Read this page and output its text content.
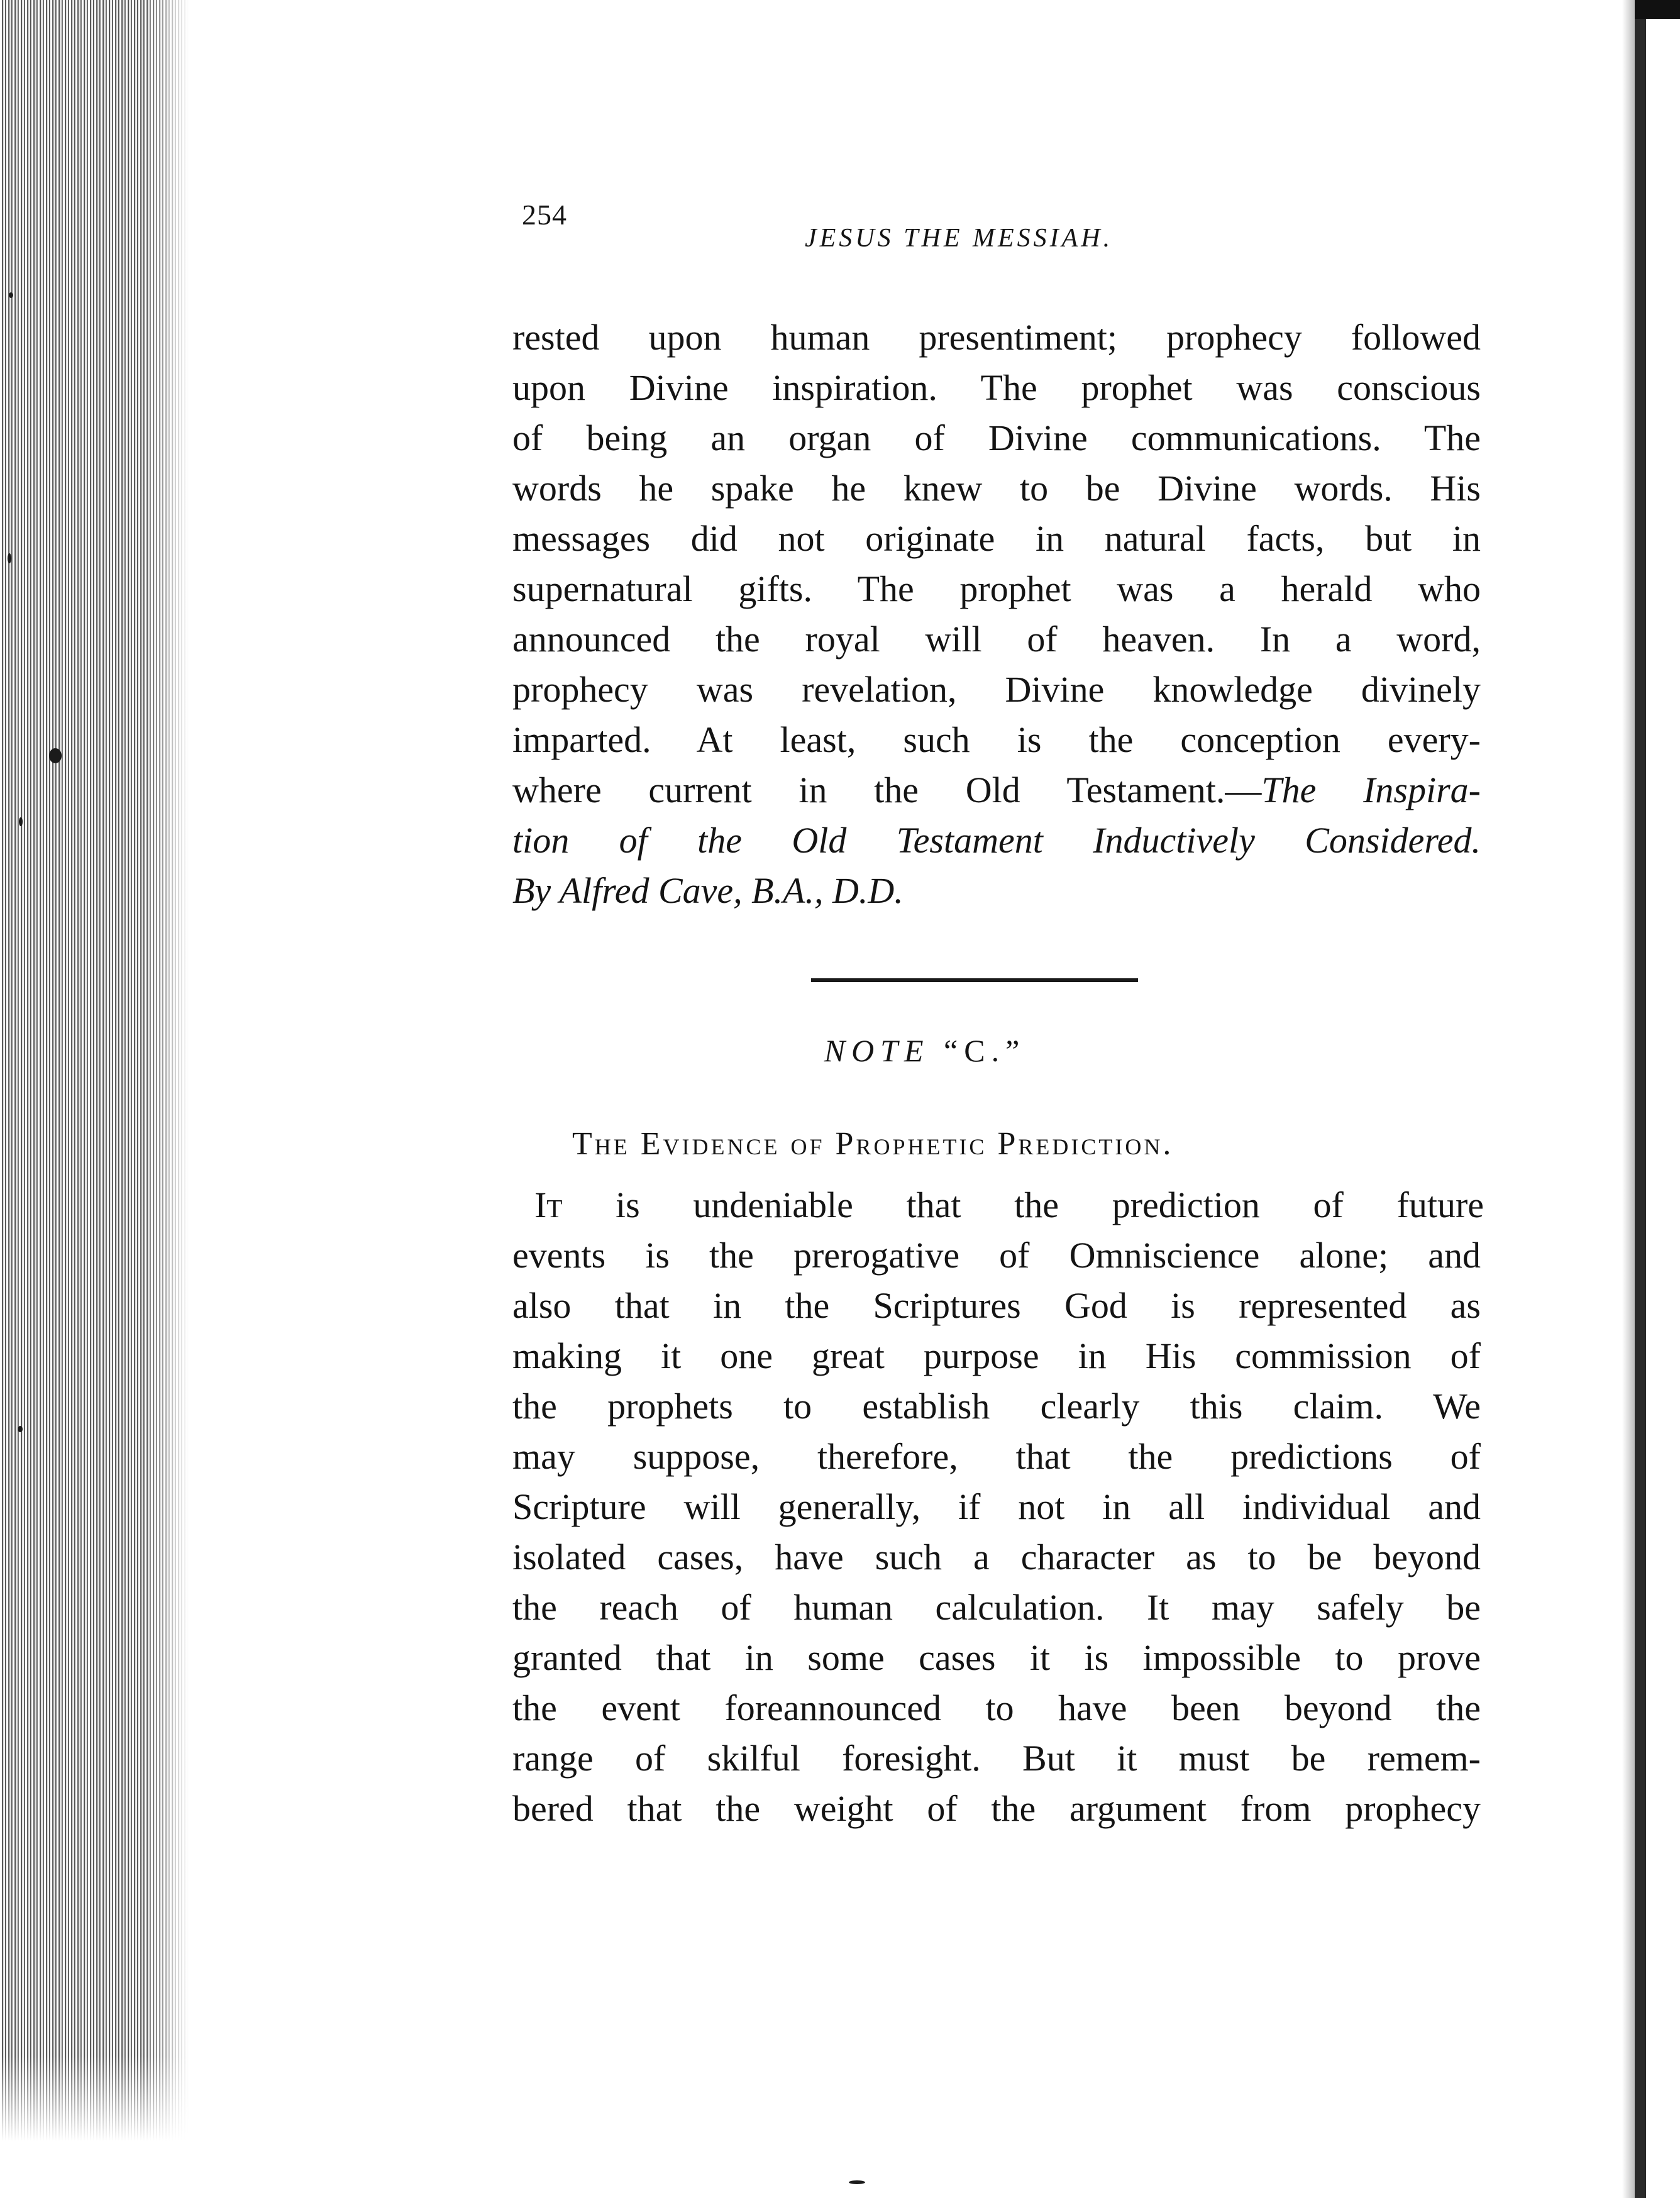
254
JESUS THE MESSIAH.
rested upon human presentiment; prophecy followed
upon Divine inspiration. The prophet was conscious
of being an organ of Divine communications. The
words he spake he knew to be Divine words. His
messages did not originate in natural facts, but in
supernatural gifts. The prophet was a herald who
announced the royal will of heaven. In a word,
prophecy was revelation, Divine knowledge divinely
imparted. At least, such is the conception every-
where current in the Old Testament.—The Inspira-
tion of the Old Testament Inductively Considered.
By Alfred Cave, B.A., D.D.
NOTE “C.”
The Evidence of Prophetic Prediction.
It is undeniable that the prediction of future
events is the prerogative of Omniscience alone; and
also that in the Scriptures God is represented as
making it one great purpose in His commission of
the prophets to establish clearly this claim. We
may suppose, therefore, that the predictions of
Scripture will generally, if not in all individual and
isolated cases, have such a character as to be beyond
the reach of human calculation. It may safely be
granted that in some cases it is impossible to prove
the event foreannounced to have been beyond the
range of skilful foresight. But it must be remem-
bered that the weight of the argument from prophecy
